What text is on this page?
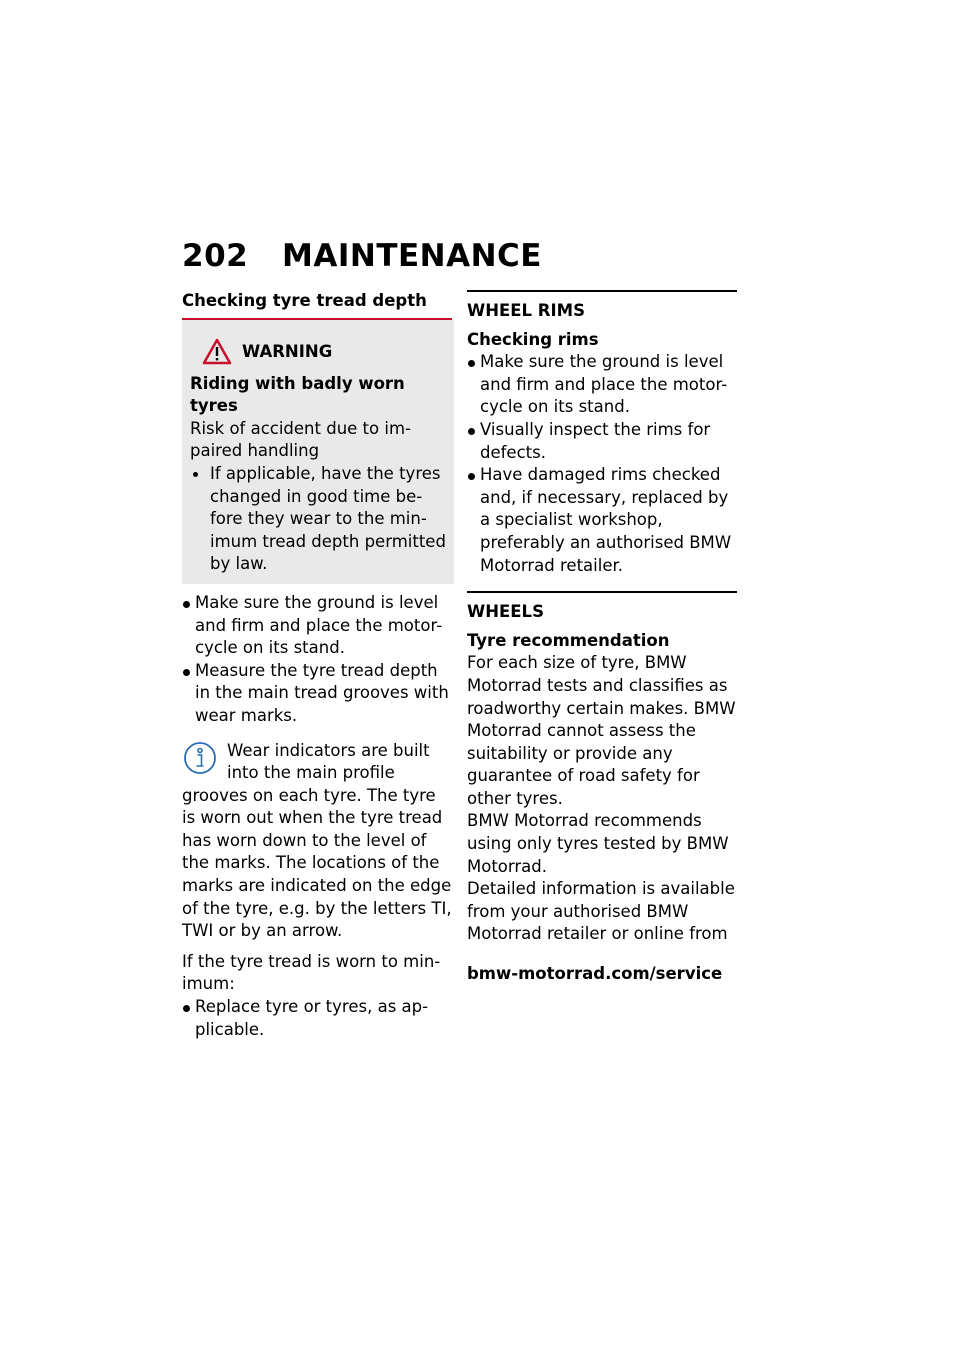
202 MAINTENANCE

Checking tyre tread depth

WARNING

Riding with badly worn tyres

Risk of accident due to im-paired handling

If applicable, have the tyres changed in good time be-fore they wear to the min-imum tread depth permitted by law.
Make sure the ground is level and firm and place the motor-cycle on its stand.
Measure the tyre tread depth in the main tread grooves with wear marks.

Wear indicators are built into the main profile

grooves on each tyre. The tyre is worn out when the tyre tread has worn down to the level of the marks. The locations of the marks are indicated on the edge of the tyre, e.g. by the letters TI, TWI or by an arrow.

If the tyre tread is worn to min-imum:

Replace tyre or tyres, as ap-plicable.

WHEEL RIMS

Checking rims

Make sure the ground is level and firm and place the motor-cycle on its stand.
Visually inspect the rims for defects.
Have damaged rims checked and, if necessary, replaced by a specialist workshop, preferably an authorised BMW Motorrad retailer.

WHEELS

Tyre recommendation

For each size of tyre, BMW Motorrad tests and classifies as roadworthy certain makes. BMW Motorrad cannot assess the suitability or provide any guarantee of road safety for other tyres.

BMW Motorrad recommends using only tyres tested by BMW Motorrad.

Detailed information is available from your authorised BMW Motorrad retailer or online from

bmw-motorrad.com/service
